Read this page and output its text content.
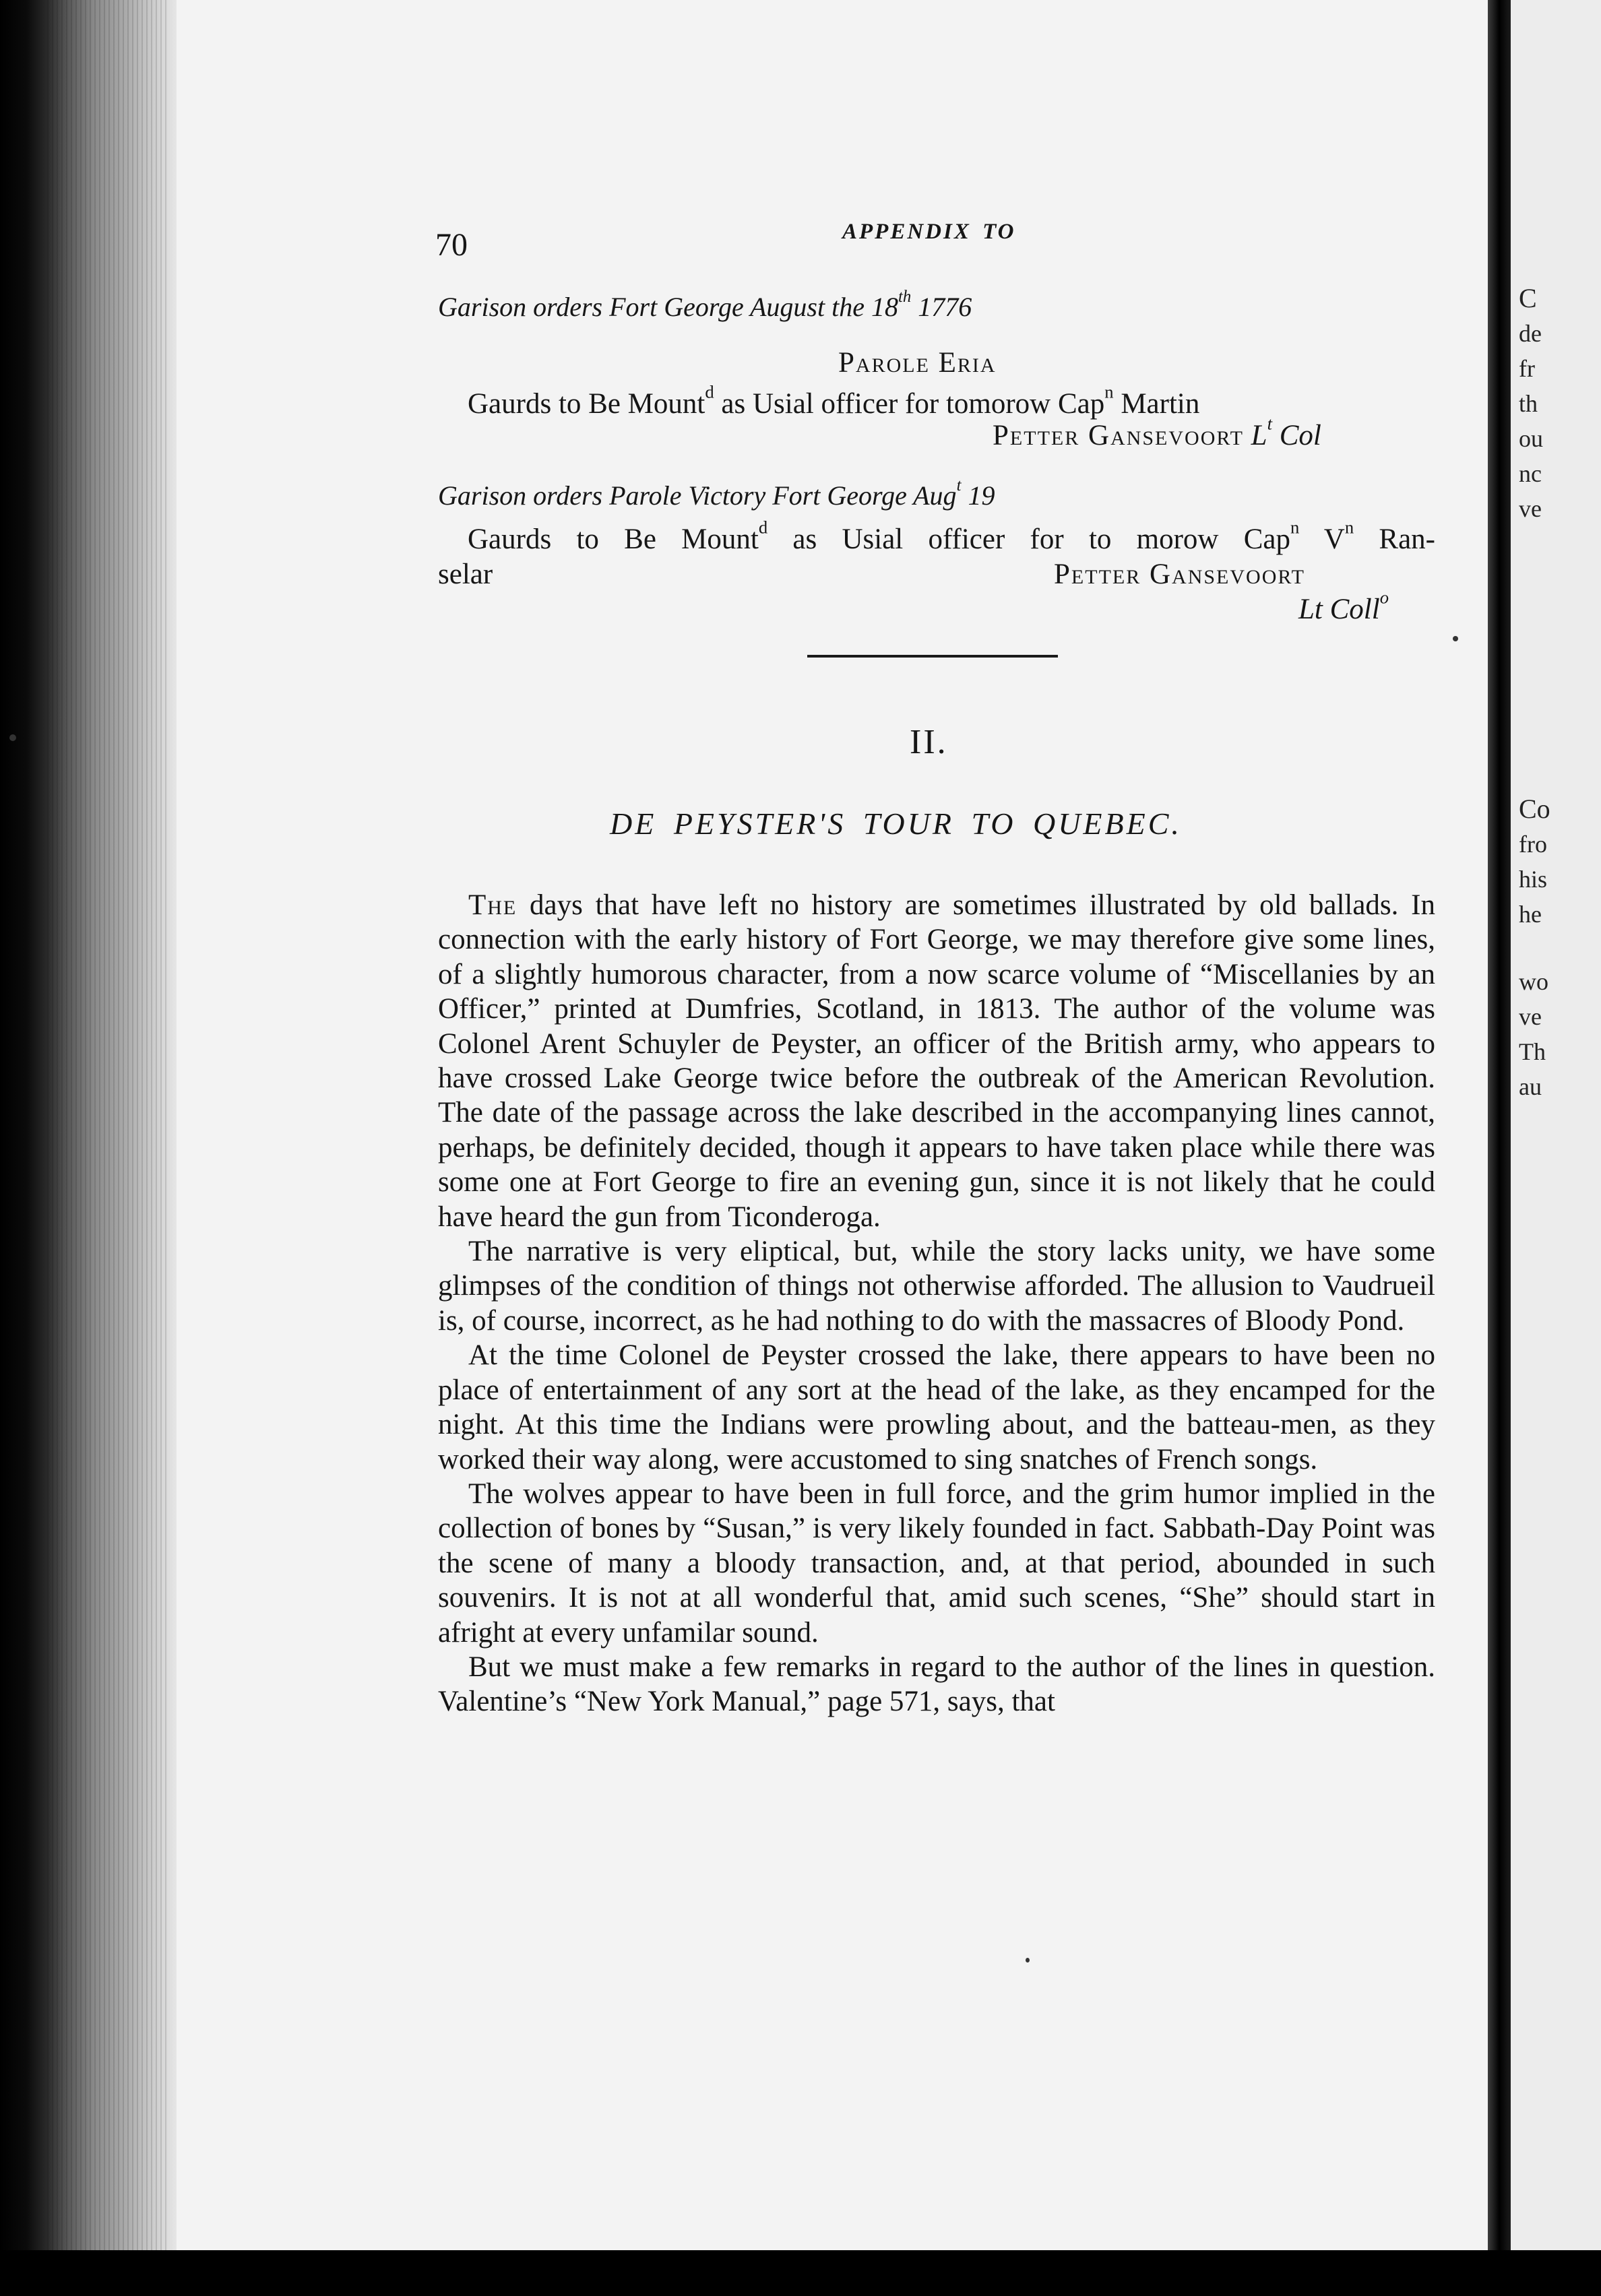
C
de
fr
th
ou
nc
ve
Co
fro
his
he
wo
ve
Th
au
70	APPENDIX TO
Garison orders Fort George August the 18th 1776
Parole Eria
Gaurds to Be Mount$^d$ as Usial officer for tomorow Cap$^n$ Martin
Petter Gansevoort $L^t$ Col
Garison orders Parole Victory Fort George Aug$^t$ 19
Gaurds to Be Mount$^d$ as Usial officer for to morow Cap$^n$ $V^n$ Ran-
selar	Petter Gansevoort
Lt Coll$^o$
II.
DE PEYSTER'S TOUR TO QUEBEC.

The days that have left no history are sometimes illustrated by old ballads. In connection with the early history of Fort George, we may therefore give some lines, of a slightly humorous character, from a now scarce volume of “Miscellanies by an Officer,” printed at Dumfries, Scotland, in 1813. The author of the volume was Colonel Arent Schuyler de Peyster, an officer of the British army, who appears to have crossed Lake George twice before the outbreak of the American Revolution. The date of the passage across the lake described in the accompanying lines cannot, perhaps, be definitely decided, though it appears to have taken place while there was some one at Fort George to fire an evening gun, since it is not likely that he could have heard the gun from Ticonderoga.

The narrative is very eliptical, but, while the story lacks unity, we have some glimpses of the condition of things not otherwise afforded. The allusion to Vaudrueil is, of course, incorrect, as he had nothing to do with the massacres of Bloody Pond.

At the time Colonel de Peyster crossed the lake, there appears to have been no place of entertainment of any sort at the head of the lake, as they encamped for the night. At this time the Indians were prowling about, and the batteau-men, as they worked their way along, were accustomed to sing snatches of French songs.

The wolves appear to have been in full force, and the grim humor implied in the collection of bones by “Susan,” is very likely founded in fact. Sabbath-Day Point was the scene of many a bloody transaction, and, at that period, abounded in such souvenirs. It is not at all wonderful that, amid such scenes, “She” should start in afright at every unfamilar sound.

But we must make a few remarks in regard to the author of the lines in question. Valentine’s “New York Manual,” page 571, says, that
